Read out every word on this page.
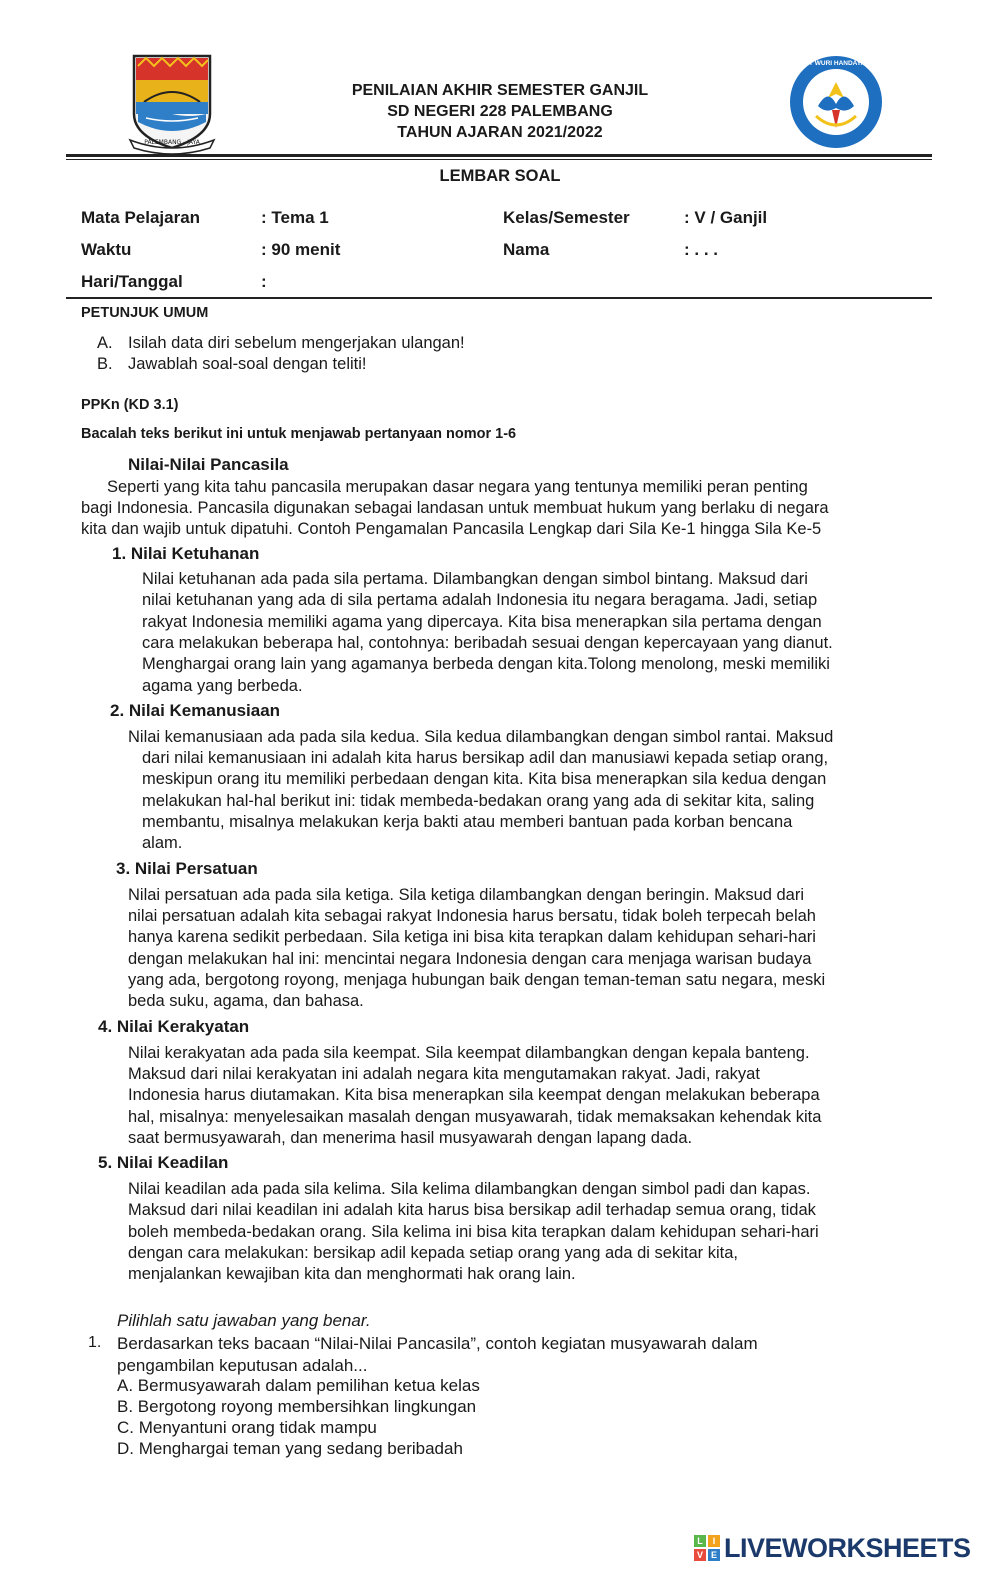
PALEMBANG - JAYA
TUT WURI HANDAYANI
PENILAIAN AKHIR SEMESTER GANJIL
SD NEGERI 228 PALEMBANG
TAHUN AJARAN 2021/2022
LEMBAR SOAL
Mata Pelajaran	: Tema 1	Kelas/Semester	: V / Ganjil
Waktu	: 90 menit	Nama	: . . .
Hari/Tanggal	:
PETUNJUK UMUM
A. Isilah data diri sebelum mengerjakan ulangan!
B. Jawablah soal-soal dengan teliti!
PPKn (KD 3.1)
Bacalah teks berikut ini untuk menjawab pertanyaan nomor 1-6
Nilai-Nilai Pancasila
Seperti yang kita tahu pancasila merupakan dasar negara yang tentunya memiliki peran penting
bagi Indonesia. Pancasila digunakan sebagai landasan untuk membuat hukum yang berlaku di negara
kita dan wajib untuk dipatuhi. Contoh Pengamalan Pancasila Lengkap dari Sila Ke-1 hingga Sila Ke-5
1. Nilai Ketuhanan
Nilai ketuhanan ada pada sila pertama. Dilambangkan dengan simbol bintang. Maksud dari
nilai ketuhanan yang ada di sila pertama adalah Indonesia itu negara beragama. Jadi, setiap
rakyat Indonesia memiliki agama yang dipercaya. Kita bisa menerapkan sila pertama dengan
cara melakukan beberapa hal, contohnya: beribadah sesuai dengan kepercayaan yang dianut.
Menghargai orang lain yang agamanya berbeda dengan kita.Tolong menolong, meski memiliki
agama yang berbeda.
2. Nilai Kemanusiaan
Nilai kemanusiaan ada pada sila kedua. Sila kedua dilambangkan dengan simbol rantai. Maksud
dari nilai kemanusiaan ini adalah kita harus bersikap adil dan manusiawi kepada setiap orang,
meskipun orang itu memiliki perbedaan dengan kita. Kita bisa menerapkan sila kedua dengan
melakukan hal-hal berikut ini: tidak membeda-bedakan orang yang ada di sekitar kita, saling
membantu, misalnya melakukan kerja bakti atau memberi bantuan pada korban bencana
alam.
3. Nilai Persatuan
Nilai persatuan ada pada sila ketiga. Sila ketiga dilambangkan dengan beringin. Maksud dari
nilai persatuan adalah kita sebagai rakyat Indonesia harus bersatu, tidak boleh terpecah belah
hanya karena sedikit perbedaan. Sila ketiga ini bisa kita terapkan dalam kehidupan sehari-hari
dengan melakukan hal ini: mencintai negara Indonesia dengan cara menjaga warisan budaya
yang ada, bergotong royong, menjaga hubungan baik dengan teman-teman satu negara, meski
beda suku, agama, dan bahasa.
4. Nilai Kerakyatan
Nilai kerakyatan ada pada sila keempat. Sila keempat dilambangkan dengan kepala banteng.
Maksud dari nilai kerakyatan ini adalah negara kita mengutamakan rakyat. Jadi, rakyat
Indonesia harus diutamakan. Kita bisa menerapkan sila keempat dengan melakukan beberapa
hal, misalnya: menyelesaikan masalah dengan musyawarah, tidak memaksakan kehendak kita
saat bermusyawarah, dan menerima hasil musyawarah dengan lapang dada.
5. Nilai Keadilan
Nilai keadilan ada pada sila kelima. Sila kelima dilambangkan dengan simbol padi dan kapas.
Maksud dari nilai keadilan ini adalah kita harus bisa bersikap adil terhadap semua orang, tidak
boleh membeda-bedakan orang. Sila kelima ini bisa kita terapkan dalam kehidupan sehari-hari
dengan cara melakukan: bersikap adil kepada setiap orang yang ada di sekitar kita,
menjalankan kewajiban kita dan menghormati hak orang lain.
Pilihlah satu jawaban yang benar.
1. Berdasarkan teks bacaan “Nilai-Nilai Pancasila”, contoh kegiatan musyawarah dalam
pengambilan keputusan adalah...
A. Bermusyawarah dalam pemilihan ketua kelas
B. Bergotong royong membersihkan lingkungan
C. Menyantuni orang tidak mampu
D. Menghargai teman yang sedang beribadah
L	I
V E LIVEWORKSHEETS
